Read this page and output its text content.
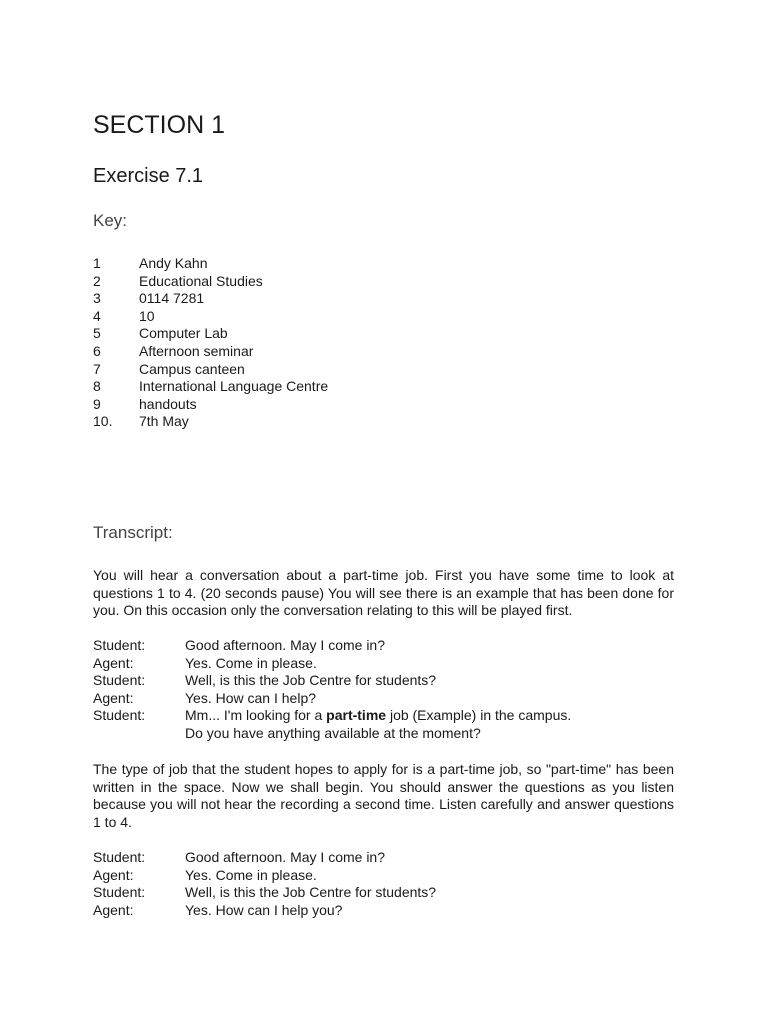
SECTION 1
Exercise 7.1
Key:
1	Andy Kahn
2	Educational Studies
3	0114 7281
4	10
5	Computer Lab
6	Afternoon seminar
7	Campus canteen
8	International Language Centre
9	handouts
10.	7th May
Transcript:

You will hear a conversation about a part-time job. First you have some time to look at questions 1 to 4. (20 seconds pause) You will see there is an example that has been done for you. On this occasion only the conversation relating to this will be played first.

Student:	Good afternoon. May I come in?
Agent:	Yes. Come in please.
Student:	Well, is this the Job Centre for students?
Agent:	Yes. How can I help?
Student:	Mm... I'm looking for a part-time job (Example) in the campus.
Do you have anything available at the moment?

The type of job that the student hopes to apply for is a part-time job, so "part-time" has been written in the space. Now we shall begin. You should answer the questions as you listen because you will not hear the recording a second time. Listen carefully and answer questions 1 to 4.

Student:	Good afternoon. May I come in?
Agent:	Yes. Come in please.
Student:	Well, is this the Job Centre for students?
Agent:	Yes. How can I help you?
